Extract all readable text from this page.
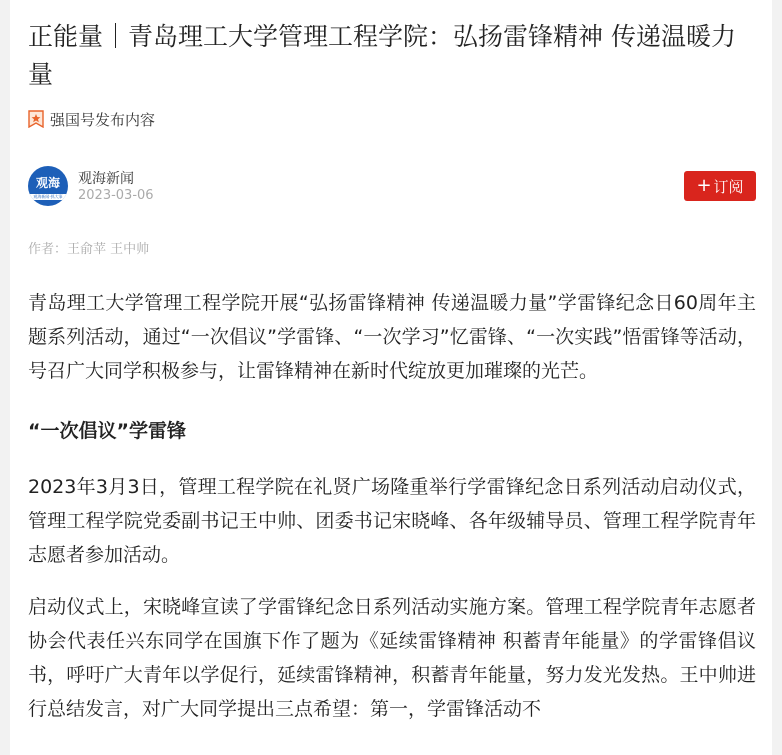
正能量｜青岛理工大学管理工程学院：弘扬雷锋精神 传递温暖力量
强国号发布内容
观海
观海新闻·抓大事
观海新闻
2023-03-06	+ 订阅
作者：王俞苹 王中帅

青岛理工大学管理工程学院开展“弘扬雷锋精神 传递温暖力量”学雷锋纪念日60周年主题系列活动，通过“一次倡议”学雷锋、“一次学习”忆雷锋、“一次实践”悟雷锋等活动，号召广大同学积极参与，让雷锋精神在新时代绽放更加璀璨的光芒。

“一次倡议”学雷锋

2023年3月3日，管理工程学院在礼贤广场隆重举行学雷锋纪念日系列活动启动仪式，管理工程学院党委副书记王中帅、团委书记宋晓峰、各年级辅导员、管理工程学院青年志愿者参加活动。

启动仪式上，宋晓峰宣读了学雷锋纪念日系列活动实施方案。管理工程学院青年志愿者协会代表任兴东同学在国旗下作了题为《延续雷锋精神 积蓄青年能量》的学雷锋倡议书，呼吁广大青年以学促行，延续雷锋精神，积蓄青年能量，努力发光发热。王中帅进行总结发言，对广大同学提出三点希望：第一，学雷锋活动不
